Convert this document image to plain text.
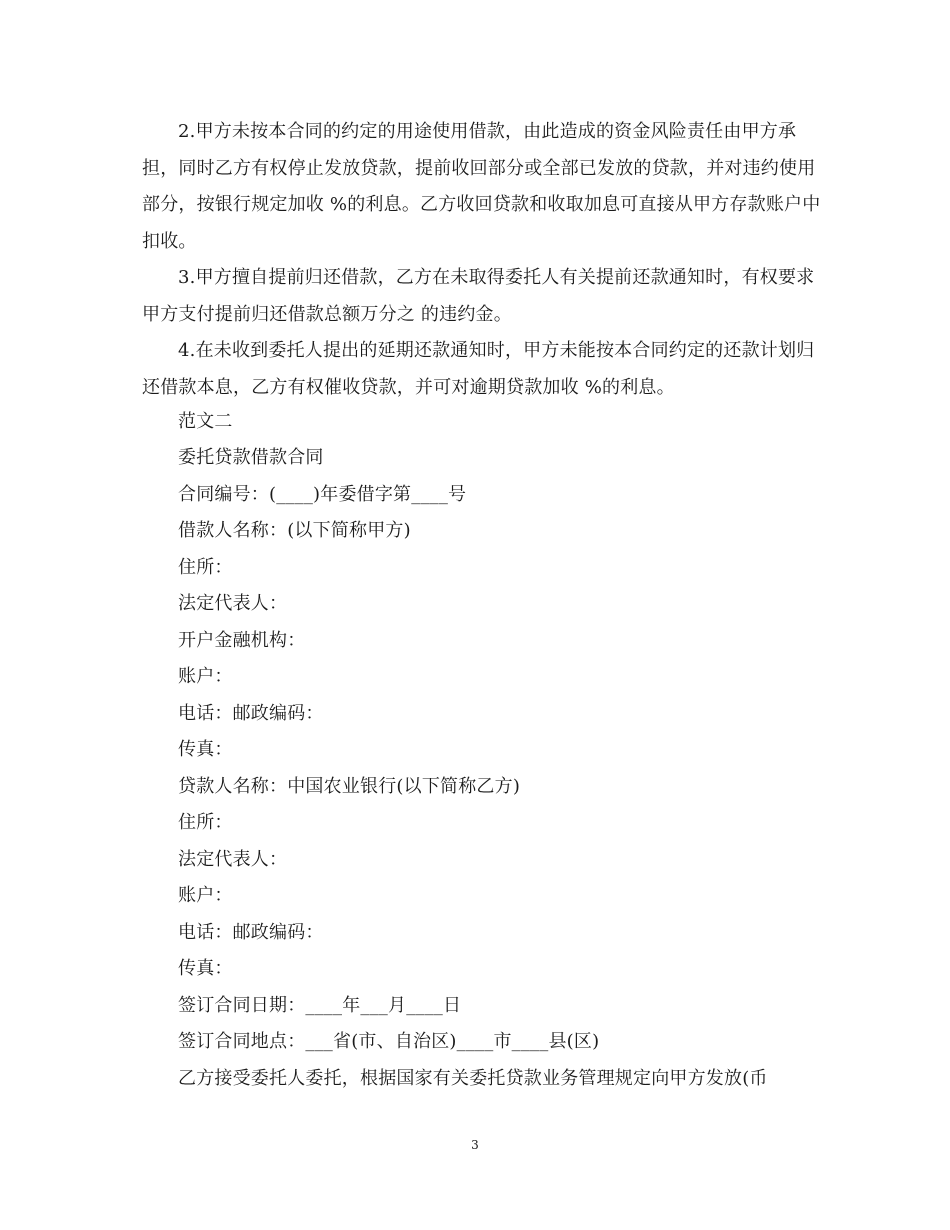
2.甲方未按本合同的约定的用途使用借款，由此造成的资金风险责任由甲方承担，同时乙方有权停止发放贷款，提前收回部分或全部已发放的贷款，并对违约使用部分，按银行规定加收 %的利息。乙方收回贷款和收取加息可直接从甲方存款账户中扣收。

3.甲方擅自提前归还借款，乙方在未取得委托人有关提前还款通知时，有权要求甲方支付提前归还借款总额万分之 的违约金。

4.在未收到委托人提出的延期还款通知时，甲方未能按本合同约定的还款计划归还借款本息，乙方有权催收贷款，并可对逾期贷款加收 %的利息。

范文二

委托贷款借款合同

合同编号：(____)年委借字第____号

借款人名称：(以下简称甲方)

住所：

法定代表人：

开户金融机构：

账户：

电话：邮政编码：

传真：

贷款人名称：中国农业银行(以下简称乙方)

住所：

法定代表人：

账户：

电话：邮政编码：

传真：

签订合同日期：____年___月____日

签订合同地点：___省(市、自治区)____市____县(区)

乙方接受委托人委托，根据国家有关委托贷款业务管理规定向甲方发放(币

3
